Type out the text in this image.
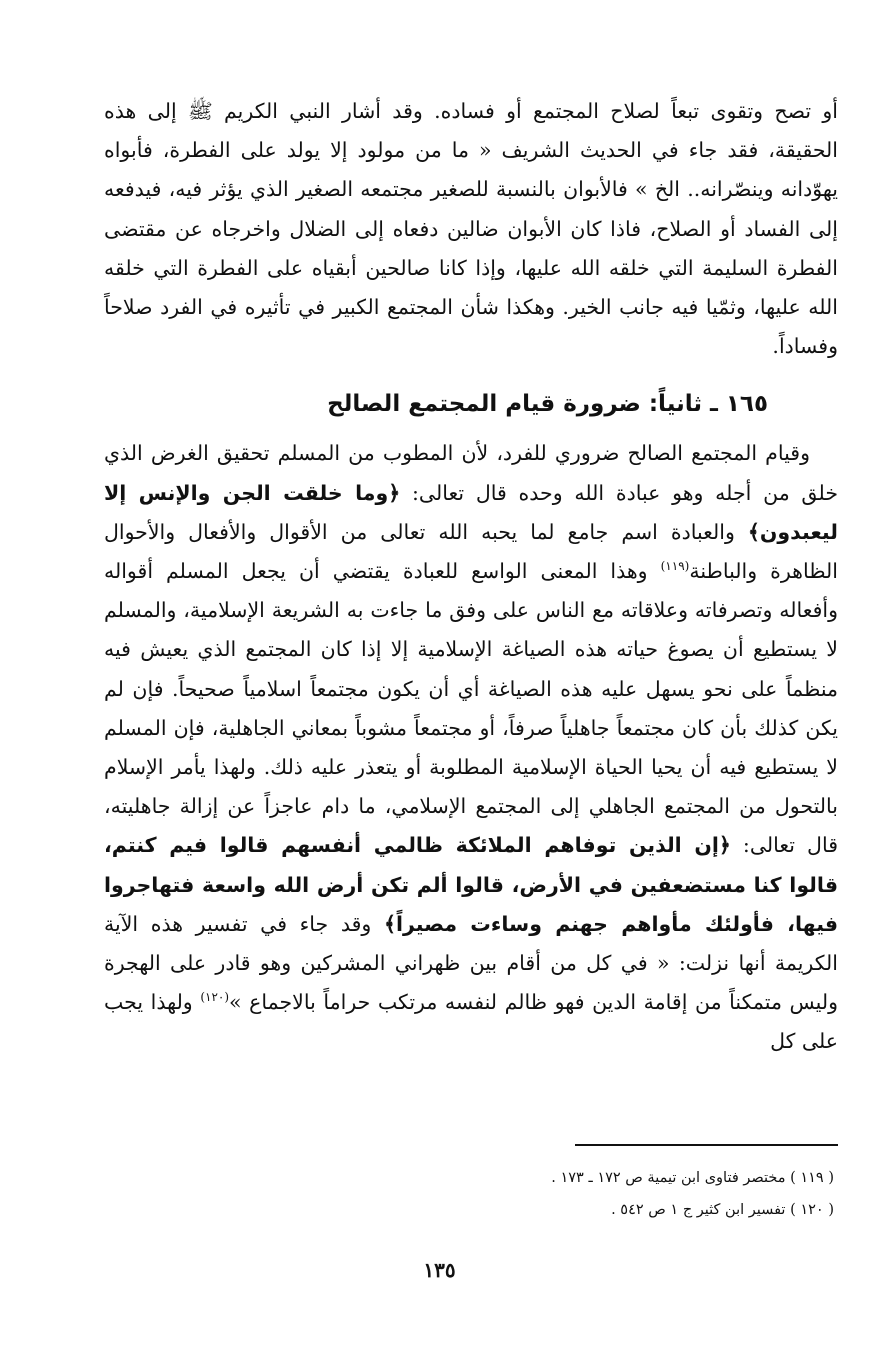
أو تصح وتقوى تبعاً لصلاح المجتمع أو فساده. وقد أشار النبي الكريم ﷺ إلى هذه الحقيقة، فقد جاء في الحديث الشريف « ما من مولود إلا يولد على الفطرة، فأبواه يهوّدانه وينصّرانه.. الخ » فالأبوان بالنسبة للصغير مجتمعه الصغير الذي يؤثر فيه، فيدفعه إلى الفساد أو الصلاح، فاذا كان الأبوان ضالين دفعاه إلى الضلال واخرجاه عن مقتضى الفطرة السليمة التي خلقه الله عليها، وإذا كانا صالحين أبقياه على الفطرة التي خلقه الله عليها، وثمّيا فيه جانب الخير. وهكذا شأن المجتمع الكبير في تأثيره في الفرد صلاحاً وفساداً.

١٦٥ ـ ثانياً: ضرورة قيام المجتمع الصالح

وقيام المجتمع الصالح ضروري للفرد، لأن المطوب من المسلم تحقيق الغرض الذي خلق من أجله وهو عبادة الله وحده قال تعالى: ﴿وما خلقت الجن والإنس إلا ليعبدون﴾ والعبادة اسم جامع لما يحبه الله تعالى من الأقوال والأفعال والأحوال الظاهرة والباطنة$^{(١١٩)}$ وهذا المعنى الواسع للعبادة يقتضي أن يجعل المسلم أقواله وأفعاله وتصرفاته وعلاقاته مع الناس على وفق ما جاءت به الشريعة الإسلامية، والمسلم لا يستطيع أن يصوغ حياته هذه الصياغة الإسلامية إلا إذا كان المجتمع الذي يعيش فيه منظماً على نحو يسهل عليه هذه الصياغة أي أن يكون مجتمعاً اسلامياً صحيحاً. فإن لم يكن كذلك بأن كان مجتمعاً جاهلياً صرفاً، أو مجتمعاً مشوباً بمعاني الجاهلية، فإن المسلم لا يستطيع فيه أن يحيا الحياة الإسلامية المطلوبة أو يتعذر عليه ذلك. ولهذا يأمر الإسلام بالتحول من المجتمع الجاهلي إلى المجتمع الإسلامي، ما دام عاجزاً عن إزالة جاهليته، قال تعالى: ﴿إن الذين توفاهم الملائكة ظالمي أنفسهم قالوا فيم كنتم، قالوا كنا مستضعفين في الأرض، قالوا ألم تكن أرض الله واسعة فتهاجروا فيها، فأولئك مأواهم جهنم وساءت مصيراً﴾ وقد جاء في تفسير هذه الآية الكريمة أنها نزلت: « في كل من أقام بين ظهراني المشركين وهو قادر على الهجرة وليس متمكناً من إقامة الدين فهو ظالم لنفسه مرتكب حراماً بالاجماع »$^{(١٢٠)}$ ولهذا يجب على كل

( ١١٩ ) مختصر فتاوى ابن تيمية ص ١٧٢ ـ ١٧٣ .

( ١٢٠ ) تفسير ابن كثير ج ١ ص ٥٤٢ .

١٣٥
